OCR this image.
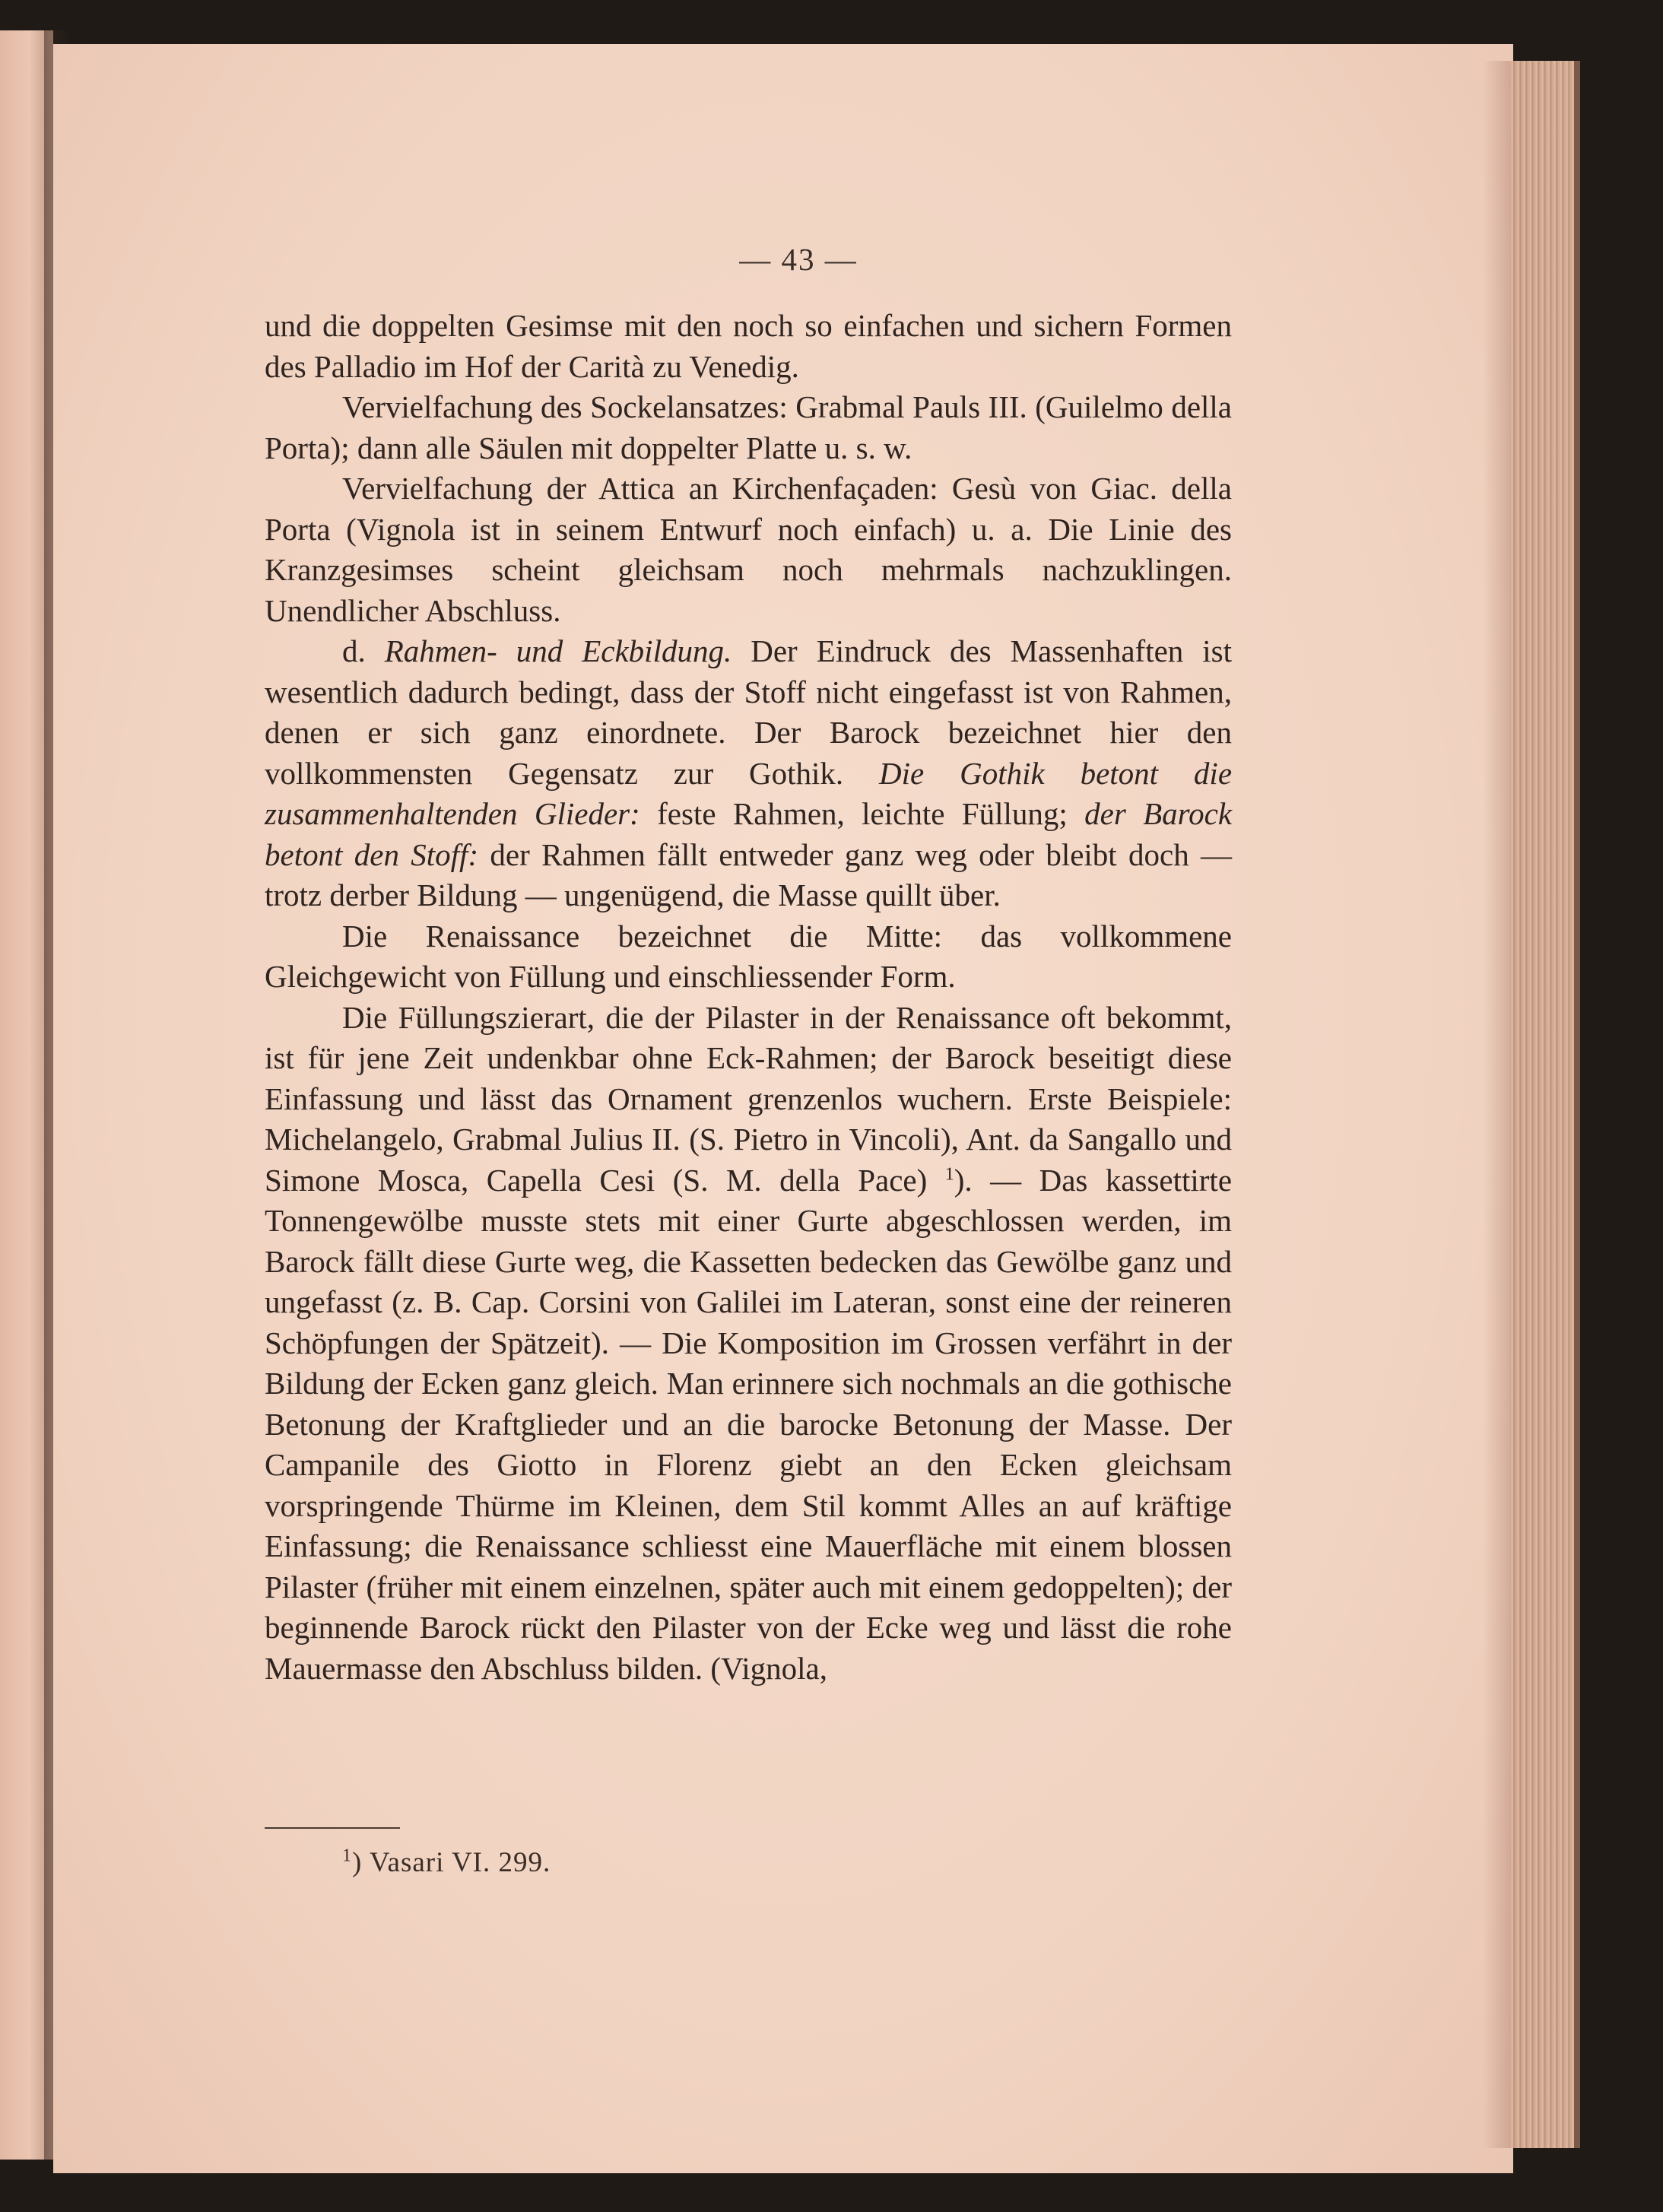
— 43 —

und die doppelten Gesimse mit den noch so einfachen und sichern Formen des Palladio im Hof der Carità zu Venedig.

Vervielfachung des Sockelansatzes: Grabmal Pauls III. (Guilelmo della Porta); dann alle Säulen mit doppelter Platte u. s. w.

Vervielfachung der Attica an Kirchenfaçaden: Gesù von Giac. della Porta (Vignola ist in seinem Entwurf noch einfach) u. a. Die Linie des Kranzgesimses scheint gleichsam noch mehrmals nachzuklingen. Unendlicher Abschluss.

d. Rahmen- und Eckbildung. Der Eindruck des Massenhaften ist wesentlich dadurch bedingt, dass der Stoff nicht eingefasst ist von Rahmen, denen er sich ganz einordnete. Der Barock bezeichnet hier den vollkommensten Gegensatz zur Gothik. Die Gothik betont die zusammenhaltenden Glieder: feste Rahmen, leichte Füllung; der Barock betont den Stoff: der Rahmen fällt entweder ganz weg oder bleibt doch — trotz derber Bildung — ungenügend, die Masse quillt über.

Die Renaissance bezeichnet die Mitte: das vollkommene Gleichgewicht von Füllung und einschliessender Form.

Die Füllungszierart, die der Pilaster in der Renaissance oft bekommt, ist für jene Zeit undenkbar ohne Eck-Rahmen; der Barock beseitigt diese Einfassung und lässt das Ornament grenzenlos wuchern. Erste Beispiele: Michelangelo, Grabmal Julius II. (S. Pietro in Vincoli), Ant. da Sangallo und Simone Mosca, Capella Cesi (S. M. della Pace) $^1$). — Das kassettirte Tonnengewölbe musste stets mit einer Gurte abgeschlossen werden, im Barock fällt diese Gurte weg, die Kassetten bedecken das Gewölbe ganz und ungefasst (z. B. Cap. Corsini von Galilei im Lateran, sonst eine der reineren Schöpfungen der Spätzeit). — Die Komposition im Grossen verfährt in der Bildung der Ecken ganz gleich. Man erinnere sich nochmals an die gothische Betonung der Kraftglieder und an die barocke Betonung der Masse. Der Campanile des Giotto in Florenz giebt an den Ecken gleichsam vorspringende Thürme im Kleinen, dem Stil kommt Alles an auf kräftige Einfassung; die Renaissance schliesst eine Mauerfläche mit einem blossen Pilaster (früher mit einem einzelnen, später auch mit einem gedoppelten); der beginnende Barock rückt den Pilaster von der Ecke weg und lässt die rohe Mauermasse den Abschluss bilden. (Vignola,

$^1$) Vasari VI. 299.
